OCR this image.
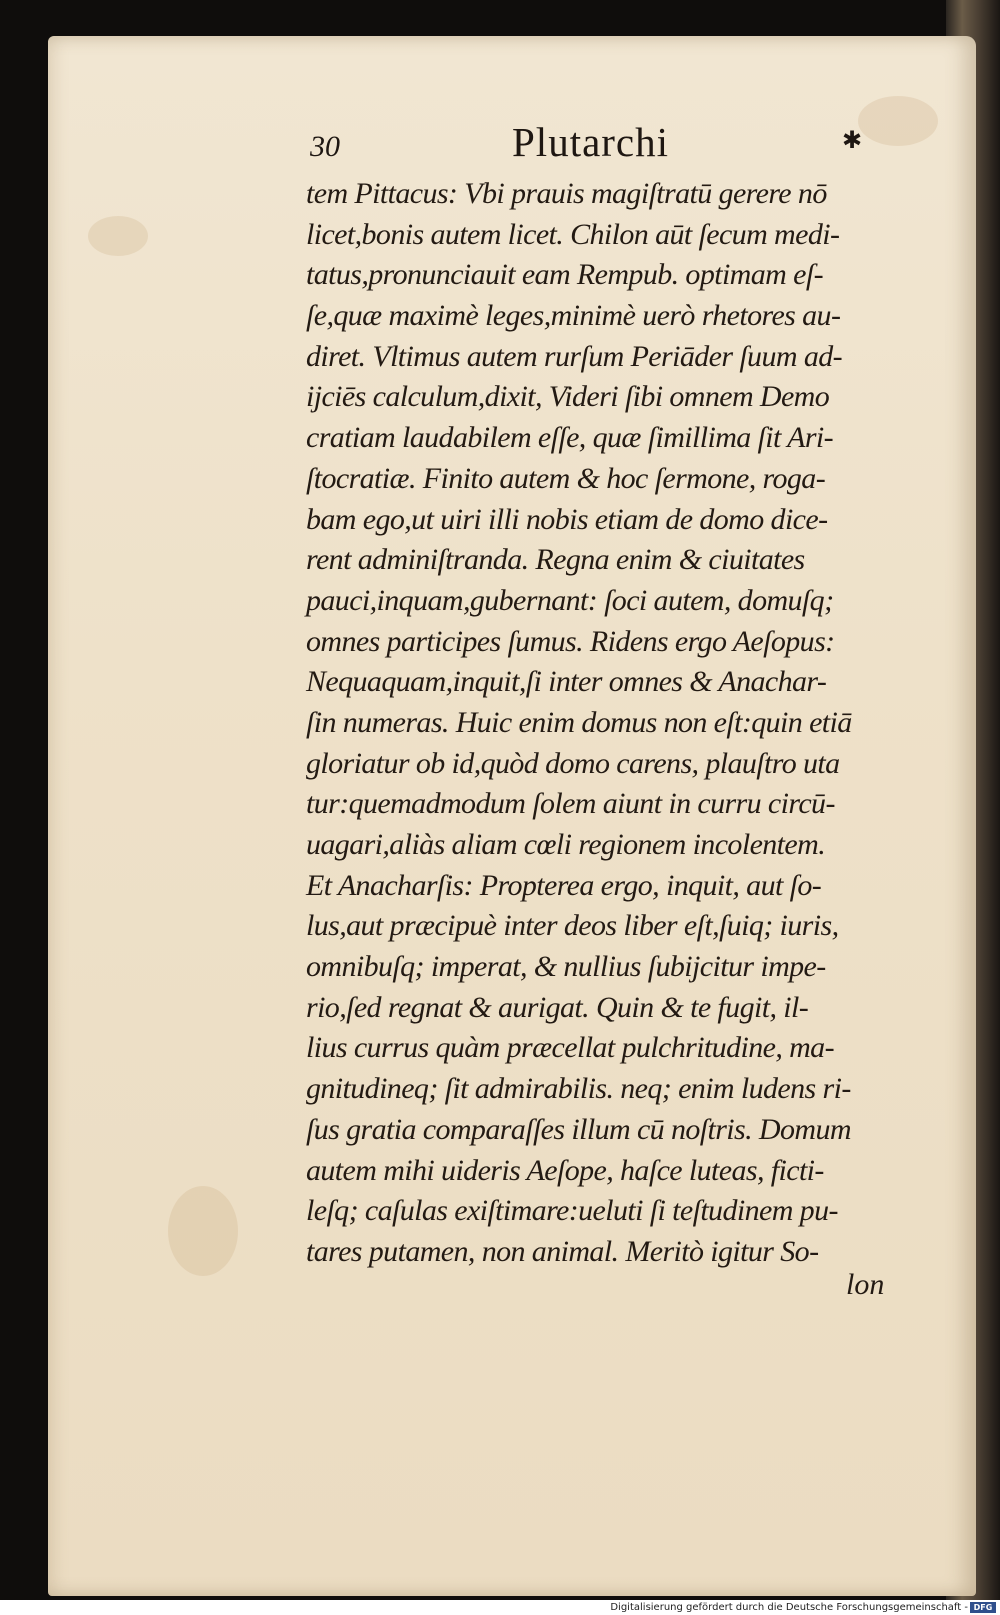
30	Plutarchi	✱
tem Pittacus: Vbi prauis magiſtratū gerere nō
licet,bonis autem licet. Chilon aūt ſecum medi-
tatus,pronunciauit eam Rempub. optimam eſ-
ſe,quæ maximè leges,minimè uerò rhetores au-
diret. Vltimus autem rurſum Periāder ſuum ad-
ijciēs calculum,dixit, Videri ſibi omnem Demo
cratiam laudabilem eſſe, quæ ſimillima ſit Ari-
ſtocratiæ. Finito autem & hoc ſermone, roga-
bam ego,ut uiri illi nobis etiam de domo dice-
rent adminiſtranda. Regna enim & ciuitates
pauci,inquam,gubernant: ſoci autem, domuſq;
omnes participes ſumus. Ridens ergo Aeſopus:
Nequaquam,inquit,ſi inter omnes & Anachar-
ſin numeras. Huic enim domus non eſt:quin etiā
gloriatur ob id,quòd domo carens, plauſtro uta
tur:quemadmodum ſolem aiunt in curru circū-
uagari,aliàs aliam cœli regionem incolentem.
Et Anacharſis: Propterea ergo, inquit, aut ſo-
lus,aut præcipuè inter deos liber eſt,ſuiq; iuris,
omnibuſq; imperat, & nullius ſubijcitur impe-
rio,ſed regnat & aurigat. Quin & te fugit, il-
lius currus quàm præcellat pulchritudine, ma-
gnitudineq; ſit admirabilis. neq; enim ludens ri-
ſus gratia comparaſſes illum cū noſtris. Domum
autem mihi uideris Aeſope, haſce luteas, ficti-
leſq; caſulas exiſtimare:ueluti ſi teſtudinem pu-
tares putamen, non animal. Meritò igitur So-
lon
Digitalisierung gefördert durch die Deutsche Forschungsgemeinschaft - DFG
